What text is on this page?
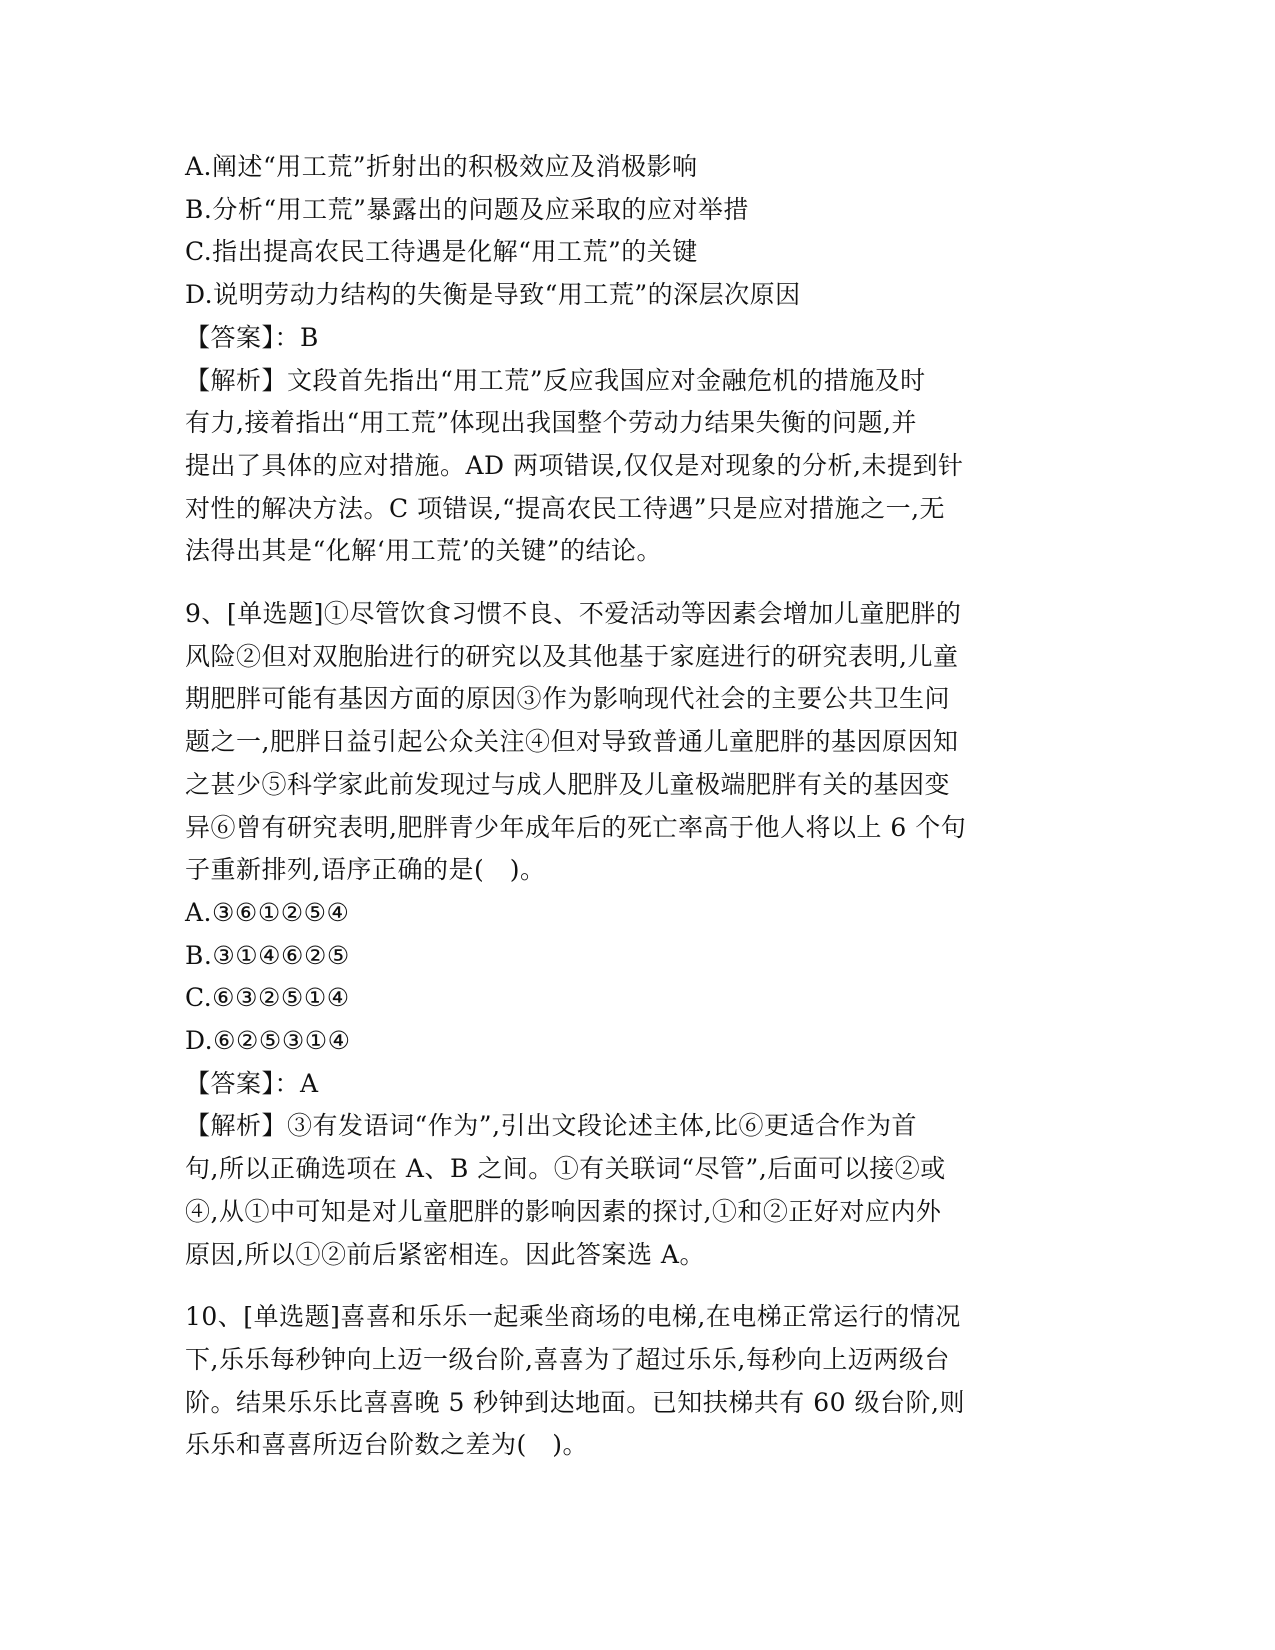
A.阐述“用工荒”折射出的积极效应及消极影响
B.分析“用工荒”暴露出的问题及应采取的应对举措
C.指出提高农民工待遇是化解“用工荒”的关键
D.说明劳动力结构的失衡是导致“用工荒”的深层次原因
【答案】：B
【解析】文段首先指出“用工荒”反应我国应对金融危机的措施及时
有力,接着指出“用工荒”体现出我国整个劳动力结果失衡的问题,并
提出了具体的应对措施。AD 两项错误,仅仅是对现象的分析,未提到针
对性的解决方法。C 项错误,“提高农民工待遇”只是应对措施之一,无
法得出其是“化解‘用工荒’的关键”的结论。
9、[单选题]①尽管饮食习惯不良、不爱活动等因素会增加儿童肥胖的
风险②但对双胞胎进行的研究以及其他基于家庭进行的研究表明,儿童
期肥胖可能有基因方面的原因③作为影响现代社会的主要公共卫生问
题之一,肥胖日益引起公众关注④但对导致普通儿童肥胖的基因原因知
之甚少⑤科学家此前发现过与成人肥胖及儿童极端肥胖有关的基因变
异⑥曾有研究表明,肥胖青少年成年后的死亡率高于他人将以上 6 个句
子重新排列,语序正确的是(　)。
A.③⑥①②⑤④
B.③①④⑥②⑤
C.⑥③②⑤①④
D.⑥②⑤③①④
【答案】：A
【解析】③有发语词“作为”,引出文段论述主体,比⑥更适合作为首
句,所以正确选项在 A、B 之间。①有关联词“尽管”,后面可以接②或
④,从①中可知是对儿童肥胖的影响因素的探讨,①和②正好对应内外
原因,所以①②前后紧密相连。因此答案选 A。
10、[单选题]喜喜和乐乐一起乘坐商场的电梯,在电梯正常运行的情况
下,乐乐每秒钟向上迈一级台阶,喜喜为了超过乐乐,每秒向上迈两级台
阶。结果乐乐比喜喜晚 5 秒钟到达地面。已知扶梯共有 60 级台阶,则
乐乐和喜喜所迈台阶数之差为(　)。
